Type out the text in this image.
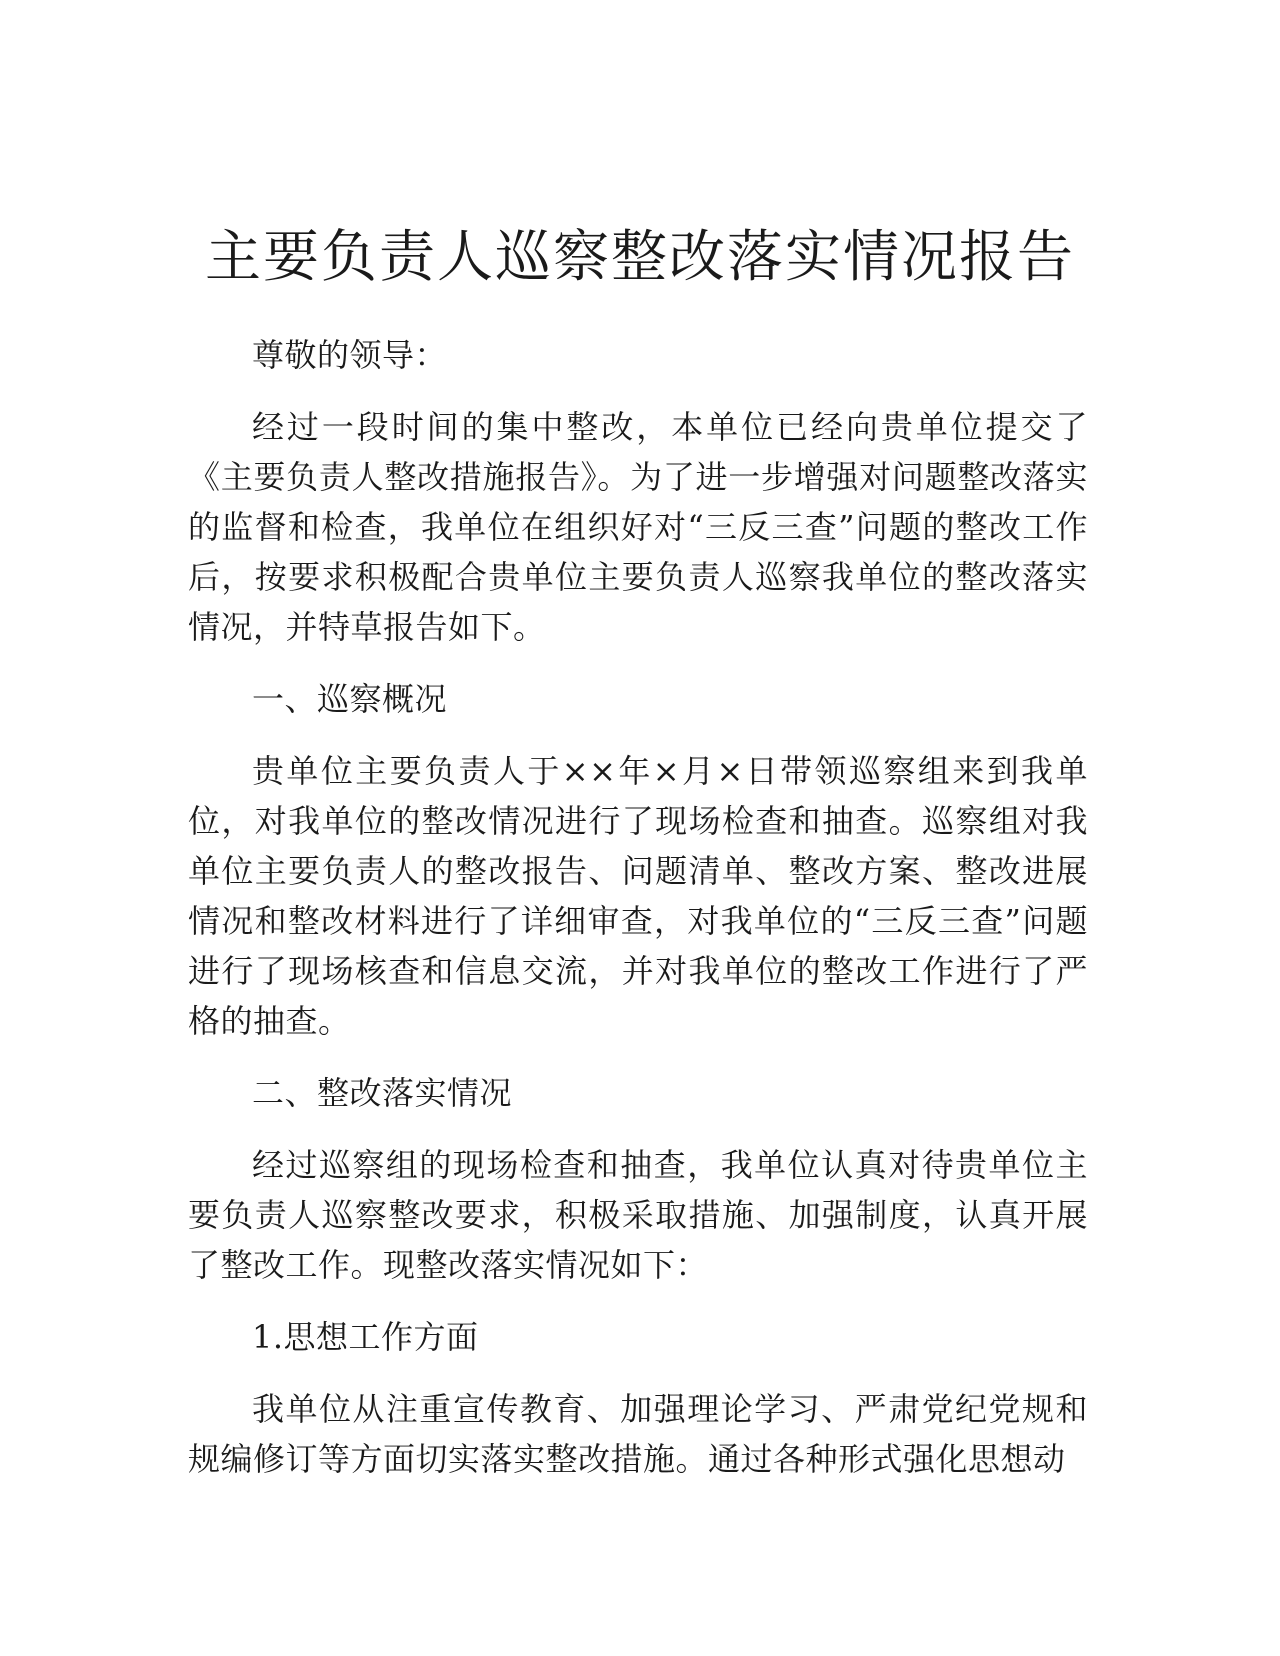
主要负责人巡察整改落实情况报告

尊敬的领导：

经过一段时间的集中整改，本单位已经向贵单位提交了《主要负责人整改措施报告》。为了进一步增强对问题整改落实的监督和检查，我单位在组织好对“三反三查”问题的整改工作后，按要求积极配合贵单位主要负责人巡察我单位的整改落实情况，并特草报告如下。

一、巡察概况

贵单位主要负责人于××年×月×日带领巡察组来到我单位，对我单位的整改情况进行了现场检查和抽查。巡察组对我单位主要负责人的整改报告、问题清单、整改方案、整改进展情况和整改材料进行了详细审查，对我单位的“三反三查”问题进行了现场核查和信息交流，并对我单位的整改工作进行了严格的抽查。

二、整改落实情况

经过巡察组的现场检查和抽查，我单位认真对待贵单位主要负责人巡察整改要求，积极采取措施、加强制度，认真开展了整改工作。现整改落实情况如下：

1.思想工作方面

我单位从注重宣传教育、加强理论学习、严肃党纪党规和规编修订等方面切实落实整改措施。通过各种形式强化思想动
